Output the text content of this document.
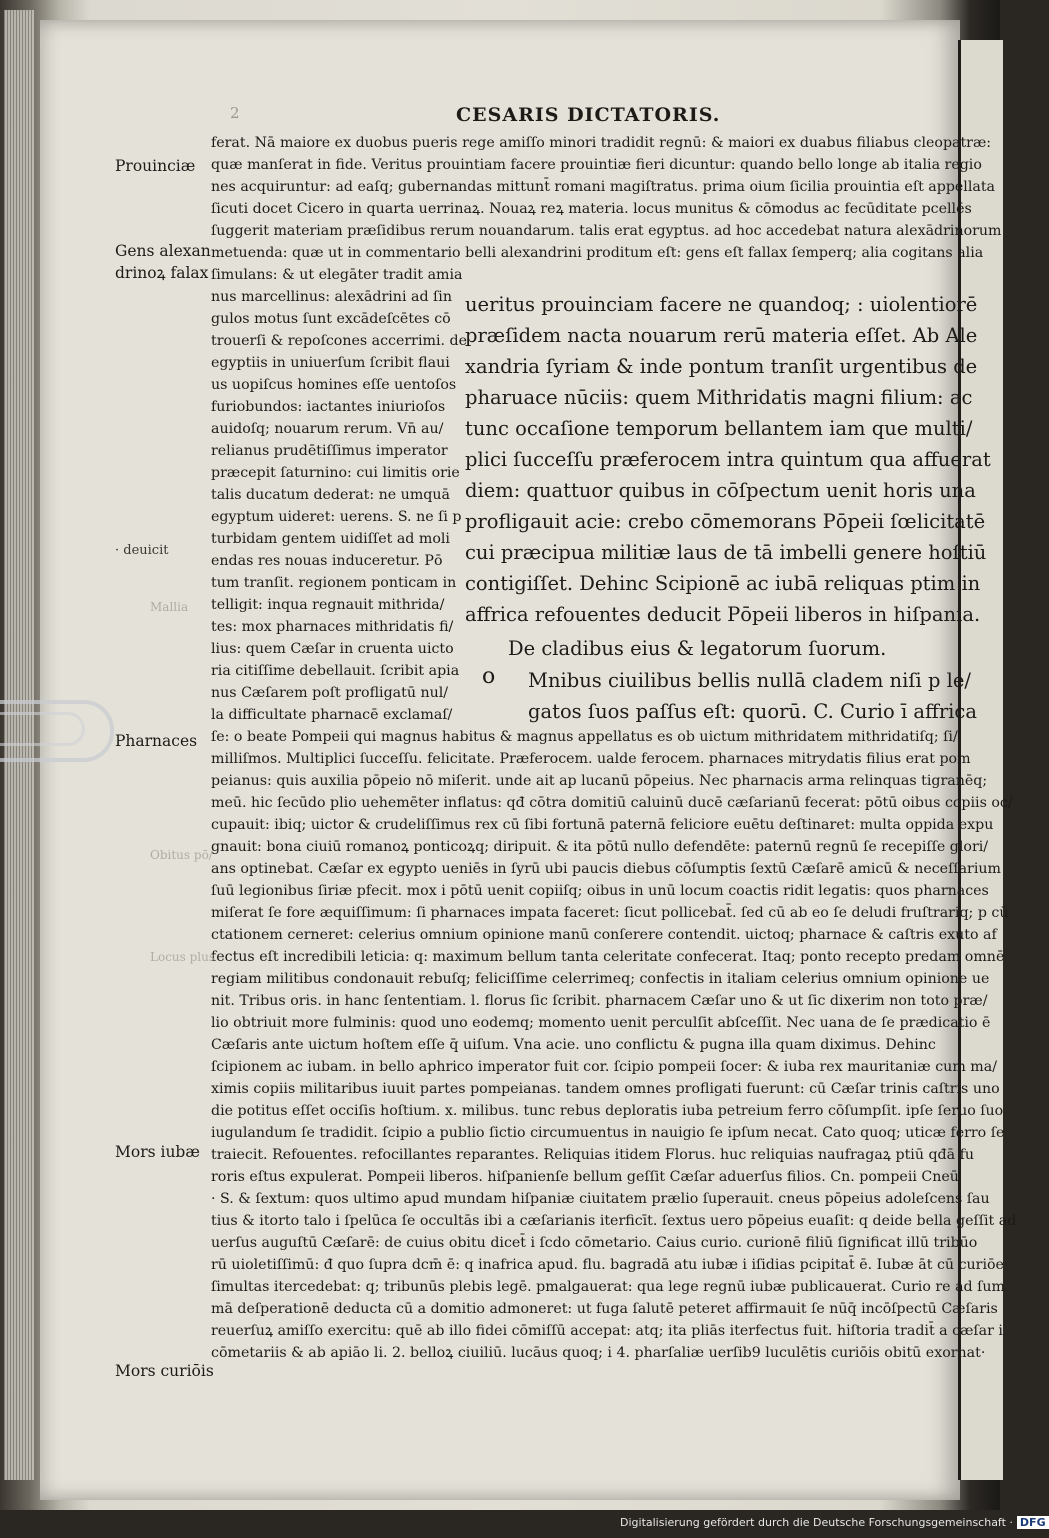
2	CESARIS DICTATORIS.
ferat. Nā maiore ex duobus pueris rege amiſſo minori tradidit regnū: & maiori ex duabus filiabus cleopatræ:
quæ manſerat in fide. Veritus prouintiam facere prouintiæ fieri dicuntur: quando bello longe ab italia regio
nes acquiruntur: ad eaſq; gubernandas mittunt̄ romani magiſtratus. prima oium ſicilia prouintia eſt appellata
ſicuti docet Cicero in quarta uerrinaꝝ. Nouaꝝ reꝝ materia. locus munitus & cōmodus ac fecūditate pcellēs
ſuggerit materiam præſidibus rerum nouandarum. talis erat egyptus. ad hoc accedebat natura alexādrinorum
metuenda: quæ ut in commentario belli alexandrini proditum eſt: gens eſt fallax ſemperq; alia cogitans alia
ſimulans: & ut elegāter tradit amia
nus marcellinus: alexādrini ad ſin
gulos motus ſunt excādeſcētes cō
trouerſi & repoſcones accerrimi. de
egyptiis in uniuerſum ſcribit flaui
us uopiſcus homines eſſe uentoſos
furiobundos: iactantes iniurioſos
auidoſq; nouarum rerum. Vn̄ au/
relianus prudētiſſimus imperator
præcepit ſaturnino: cui limitis orie
talis ducatum dederat: ne umquā
egyptum uideret: uerens. S. ne ſi p
turbidam gentem uidiſſet ad moli
endas res nouas induceretur. Pō
tum tranſit. regionem ponticam in
telligit: inqua regnauit mithrida/
tes: mox pharnaces mithridatis fi/
lius: quem Cæſar in cruenta uicto
ria citiſſime debellauit. ſcribit apia
nus Cæſarem poſt profligatū nul/
la difficultate pharnacē exclamaſ/
ueritus prouinciam facere ne quandoq; : uiolentiorē
præſidem nacta nouarum rerū materia eſſet. Ab Ale
xandria ſyriam & inde pontum tranſit urgentibus de
pharuace nūciis: quem Mithridatis magni filium: ac
tunc occaſione temporum bellantem iam que multi/
plici ſucceſſu præferocem intra quintum qua affuerat
diem: quattuor quibus in cōſpectum uenit horis una
profligauit acie: crebo cōmemorans Pōpeii ſœlicitatē
cui præcipua militiæ laus de tā imbelli genere hoſtiū
contigiſſet. Dehinc Scipionē ac iubā reliquas ptim in
affrica refouentes deducit Pōpeii liberos in hiſpania.
De cladibus eius & legatorum ſuorum.
o Mnibus ciuilibus bellis nullā cladem niſi p le/
gatos ſuos paſſus eſt: quorū. C. Curio ī affrica
ſe: o beate Pompeii qui magnus habitus & magnus appellatus es ob uictum mithridatem mithridatiſq; ſi/
milliſmos. Multiplici ſucceſſu. felicitate. Præferocem. ualde ferocem. pharnaces mitrydatis filius erat pom
peianus: quis auxilia pōpeio nō miſerit. unde ait ap lucanū pōpeius. Nec pharnacis arma relinquas tigranēq;
meū. hic ſecūdo plio uehemēter inflatus: qđ cōtra domitiū caluinū ducē cæſarianū fecerat: pōtū oibus copiis oc/
cupauit: ibiq; uictor & crudeliſſimus rex cū ſibi fortunā paternā feliciore euētu deſtinaret: multa oppida expu
gnauit: bona ciuiū romanoꝝ ponticoꝝq; diripuit. & ita pōtū nullo defendēte: paternū regnū ſe recepiſſe glori/
ans optinebat. Cæſar ex egypto ueniēs in ſyrū ubi paucis diebus cōſumptis ſextū Cæſarē amicū & neceſſarium
ſuū legionibus ſiriæ pfecit. mox i pōtū uenit copiiſq; oibus in unū locum coactis ridit legatis: quos pharnaces
miſerat ſe fore æquiſſimum: ſi pharnaces impata faceret: ſicut pollicebat̄. ſed cū ab eo ſe deludi fruſtrariq; p cū
ctationem cerneret: celerius omnium opinione manū conſerere contendit. uictoq; pharnace & caſtris exuto af
fectus eſt incredibili leticia: q: maximum bellum tanta celeritate confecerat. Itaq; ponto recepto predam omnē
regiam militibus condonauit rebuſq; feliciſſime celerrimeq; confectis in italiam celerius omnium opinione ue
nit. Tribus oris. in hanc ſententiam. l. florus ſic ſcribit. pharnacem Cæſar uno & ut ſic dixerim non toto præ/
lio obtriuit more fulminis: quod uno eodemq; momento uenit perculſit abſceſſit. Nec uana de ſe prædicatio ē
Cæſaris ante uictum hoſtem eſſe q̄ uiſum. Vna acie. uno conflictu & pugna illa quam diximus. Dehinc
ſcipionem ac iubam. in bello aphrico imperator fuit cor. ſcipio pompeii ſocer: & iuba rex mauritaniæ cum ma/
ximis copiis militaribus iuuit partes pompeianas. tandem omnes profligati fuerunt: cū Cæſar trinis caſtris uno
die potitus eſſet occiſis hoſtium. x. milibus. tunc rebus deploratis iuba petreium ferro cōſumpſit. ipſe ſeruo ſuo
iugulandum ſe tradidit. ſcipio a publio ſictio circumuentus in nauigio ſe ipſum necat. Cato quoq; uticæ ferro ſe
traiecit. Refouentes. refocillantes reparantes. Reliquias itidem Florus. huc reliquias naufragaꝝ ptiū qđā fu
roris eſtus expulerat. Pompeii liberos. hiſpanienſe bellum geſſit Cæſar aduerſus filios. Cn. pompeii Cneū
· S. & ſextum: quos ultimo apud mundam hiſpaniæ ciuitatem prælio ſuperauit. cneus pōpeius adoleſcens ſau
tius & itorto talo i ſpelūca ſe occultās ibi a cæſarianis iterficīt. ſextus uero pōpeius euaſit: q deide bella geſſit ad
uerſus auguſtū Cæſarē: de cuius obitu dicet̄ i ſcdo cōmetario. Caius curio. curionē filiū ſignificat illū tribūo
rū uioletiſſimū: đ quo ſupra dcm̄ ē: q inafrica apud. flu. bagradā atu iubæ i iſidias pcipitat̄ ē. Iubæ āt cū curiōe
ſimultas itercedebat: q; tribunūs plebis legē. pmalgauerat: qua lege regnū iubæ publicauerat. Curio re ad ſum
mā deſperationē deducta cū a domitio admoneret: ut fuga ſalutē peteret affirmauit ſe nūq̄ incōſpectū Cæſaris
reuerſuꝝ amiſſo exercitu: quē ab illo fidei cōmiſſū accepat: atq; ita pliās iterfectus fuit. hiſtoria tradit̄ a cæſar i
cōmetariis & ab apiāo li. 2. belloꝝ ciuiliū. lucāus quoq; i 4. pharſaliæ uerſib9 luculētis curiōis obitū exornat·
Prouinciæ
Gens alexan
drinoꝝ falax
· deuicit
Pharnaces
Mors iubæ
Mors curiōis
Mallia
Obitus pō/
Locus plus
Digitalisierung gefördert durch die Deutsche Forschungsgemeinschaft · DFG
